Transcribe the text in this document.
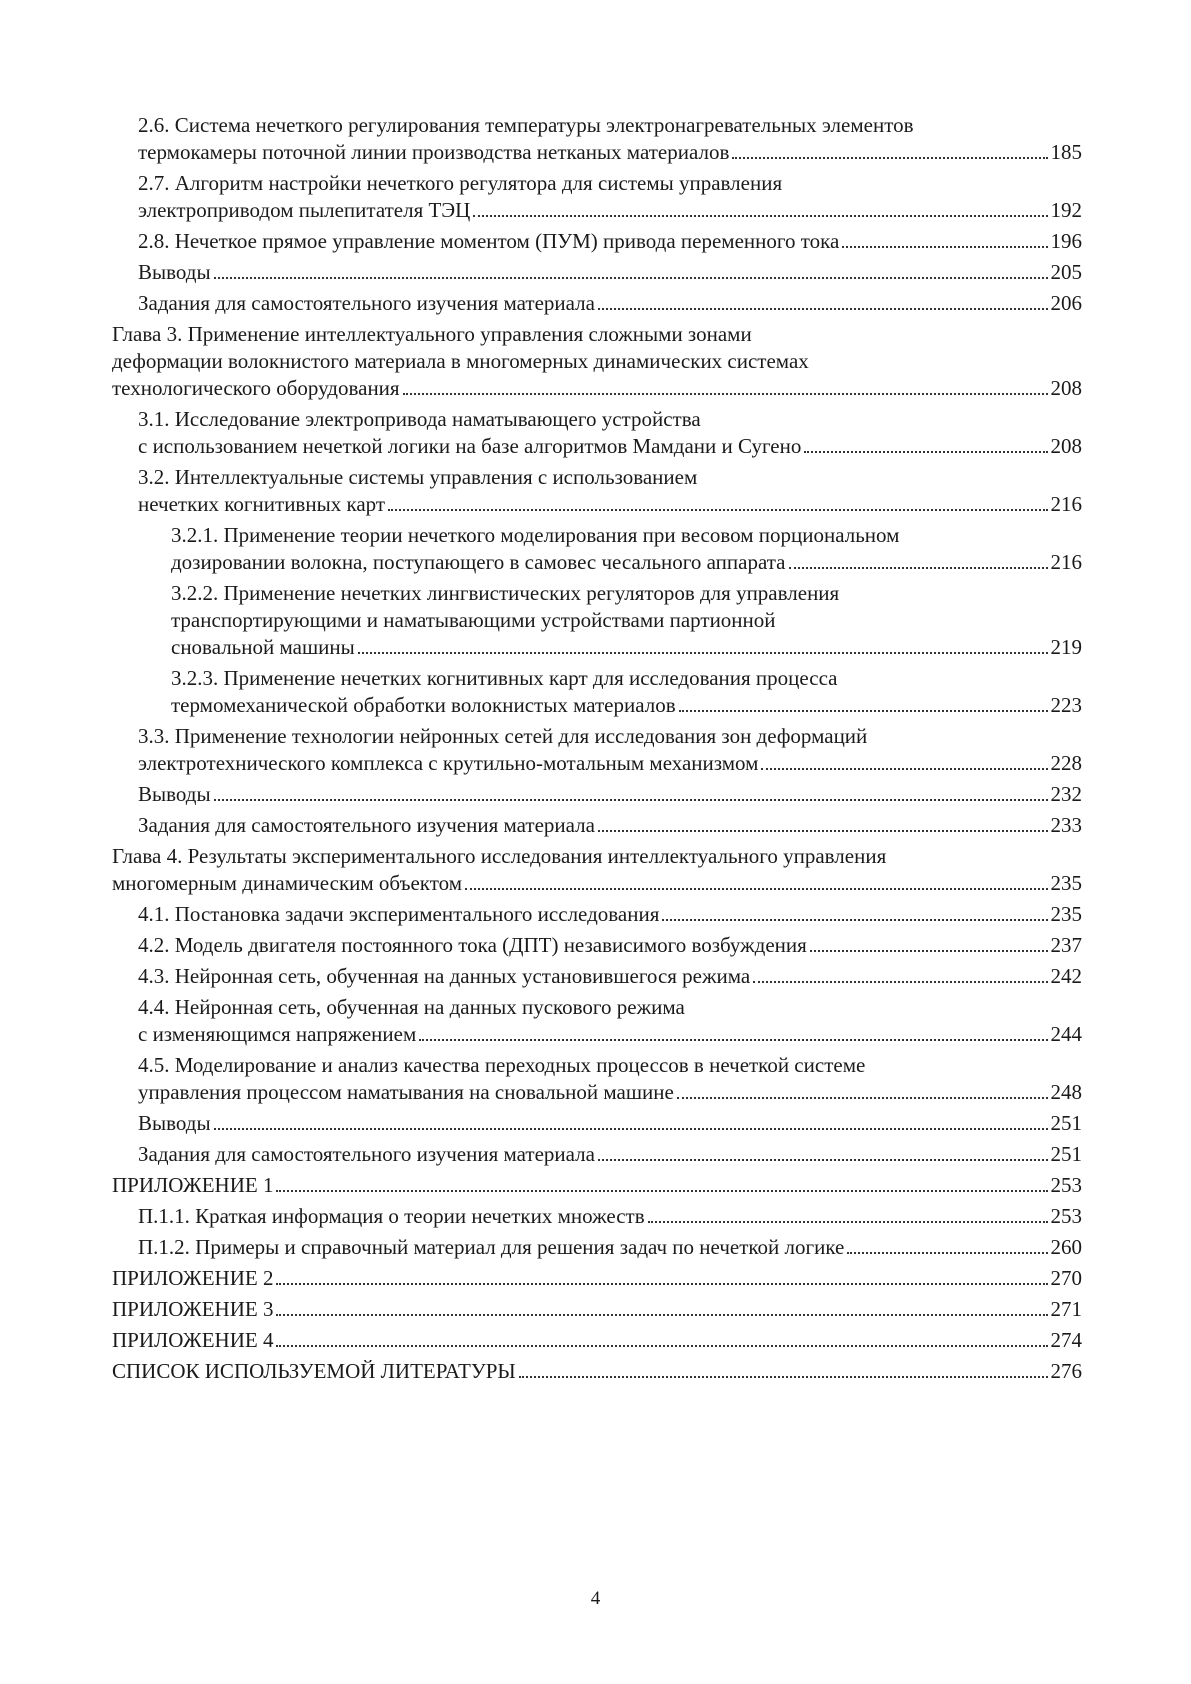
2.6. Система нечеткого регулирования температуры электронагревательных элементов
термокамеры поточной линии производства нетканых материалов	185
2.7. Алгоритм настройки нечеткого регулятора для системы управления
электроприводом пылепитателя ТЭЦ	192
2.8. Нечеткое прямое управление моментом (ПУМ) привода переменного тока	196
Выводы	205
Задания для самостоятельного изучения материала	206
Глава 3. Применение интеллектуального управления сложными зонами
деформации волокнистого материала в многомерных динамических системах
технологического оборудования	208
3.1. Исследование электропривода наматывающего устройства
с использованием нечеткой логики на базе алгоритмов Мамдани и Сугено	208
3.2. Интеллектуальные системы управления с использованием
нечетких когнитивных карт	216
3.2.1. Применение теории нечеткого моделирования при весовом порциональном
дозировании волокна, поступающего в самовес чесального аппарата	216
3.2.2. Применение нечетких лингвистических регуляторов для управления
транспортирующими и наматывающими устройствами партионной
сновальной машины	219
3.2.3. Применение нечетких когнитивных карт для исследования процесса
термомеханической обработки волокнистых материалов	223
3.3. Применение технологии нейронных сетей для исследования зон деформаций
электротехнического комплекса с крутильно-мотальным механизмом	228
Выводы	232
Задания для самостоятельного изучения материала	233
Глава 4. Результаты экспериментального исследования интеллектуального управления
многомерным динамическим объектом	235
4.1. Постановка задачи экспериментального исследования	235
4.2. Модель двигателя постоянного тока (ДПТ) независимого возбуждения	237
4.3. Нейронная сеть, обученная на данных установившегося режима	242
4.4. Нейронная сеть, обученная на данных пускового режима
с изменяющимся напряжением	244
4.5. Моделирование и анализ качества переходных процессов в нечеткой системе
управления процессом наматывания на сновальной машине	248
Выводы	251
Задания для самостоятельного изучения материала	251
ПРИЛОЖЕНИЕ 1	253
П.1.1. Краткая информация о теории нечетких множеств	253
П.1.2. Примеры и справочный материал для решения задач по нечеткой логике	260
ПРИЛОЖЕНИЕ 2	270
ПРИЛОЖЕНИЕ 3	271
ПРИЛОЖЕНИЕ 4	274
СПИСОК ИСПОЛЬЗУЕМОЙ ЛИТЕРАТУРЫ	276
4
